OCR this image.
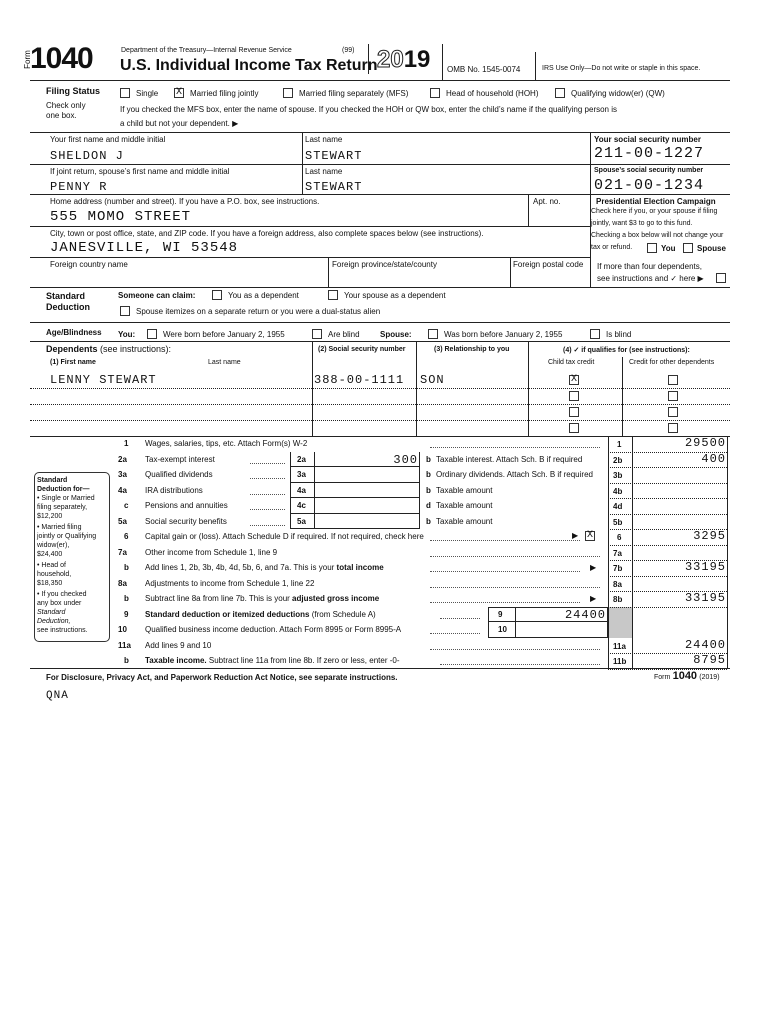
Form
1040	Department of the Treasury—Internal Revenue Service	(99)
U.S. Individual Income Tax Return 2019 OMB No. 1545-0074	IRS Use Only—Do not write or staple in this space.
Filing Status
Check only
one box.
Single X Married filing jointly	Married filing separately (MFS)	Head of household (HOH)	Qualifying widow(er) (QW)
If you checked the MFS box, enter the name of spouse. If you checked the HOH or QW box, enter the child’s name if the qualifying person is
a child but not your dependent. ▶
Your first name and middle initial
SHELDON J
Last name
STEWART
Your social security number
211-00-1227
If joint return, spouse’s first name and middle initial
PENNY R
Last name
STEWART
Spouse’s social security number
021-00-1234
Home address (number and street). If you have a P.O. box, see instructions.
555 MOMO STREET
Apt. no.
City, town or post office, state, and ZIP code. If you have a foreign address, also complete spaces below (see instructions).
JANESVILLE, WI 53548
Foreign country name	Foreign province/state/county	Foreign postal code
Presidential Election Campaign
Check here if you, or your spouse if filing
jointly, want $3 to go to this fund.
Checking a box below will not change your
tax or refund.	You	Spouse
If more than four dependents,
see instructions and ✓ here ▶
Standard
Deduction
Someone can claim:	You as a dependent	Your spouse as a dependent
Spouse itemizes on a separate return or you were a dual-status alien
Age/Blindness You:	Were born before January 2, 1955	Are blind	Spouse:	Was born before January 2, 1955	Is blind
Dependents (see instructions):
(1) First name	Last name
(2) Social security number	(3) Relationship to you	(4) ✓ if qualifies for (see instructions):
Child tax credit	Credit for other dependents
LENNY STEWART	388-00-1111 SON	X
Standard
Deduction for—
• Single or Married
filing separately,
$12,200
• Married filing
jointly or Qualifying
widow(er),
$24,400
• Head of
household,
$18,350
• If you checked
any box under
Standard
Deduction,
see instructions.
1 Wages, salaries, tips, etc. Attach Form(s) W-2	1	29500
2a Tax-exempt interest	2a	300 b Taxable interest. Attach Sch. B if required	2b	400
3a Qualified dividends	3a	b Ordinary dividends. Attach Sch. B if required	3b
4a IRA distributions	4a	b Taxable amount	4b
c Pensions and annuities	4c	d Taxable amount	4d
5a Social security benefits	5a	b Taxable amount	5b
6 Capital gain or (loss). Attach Schedule D if required. If not required, check here	▶ X	6	3295
7a Other income from Schedule 1, line 9	7a
b Add lines 1, 2b, 3b, 4b, 4d, 5b, 6, and 7a. This is your total income	▶ 7b	33195
8a Adjustments to income from Schedule 1, line 22	8a
b Subtract line 8a from line 7b. This is your adjusted gross income	▶ 8b	33195
9 Standard deduction or itemized deductions (from Schedule A)	9	24400
10 Qualified business income deduction. Attach Form 8995 or Form 8995-A	10
11a Add lines 9 and 10	11a	24400
b Taxable income. Subtract line 11a from line 8b. If zero or less, enter -0-	11b	8795
For Disclosure, Privacy Act, and Paperwork Reduction Act Notice, see separate instructions.	Form 1040 (2019)
QNA
